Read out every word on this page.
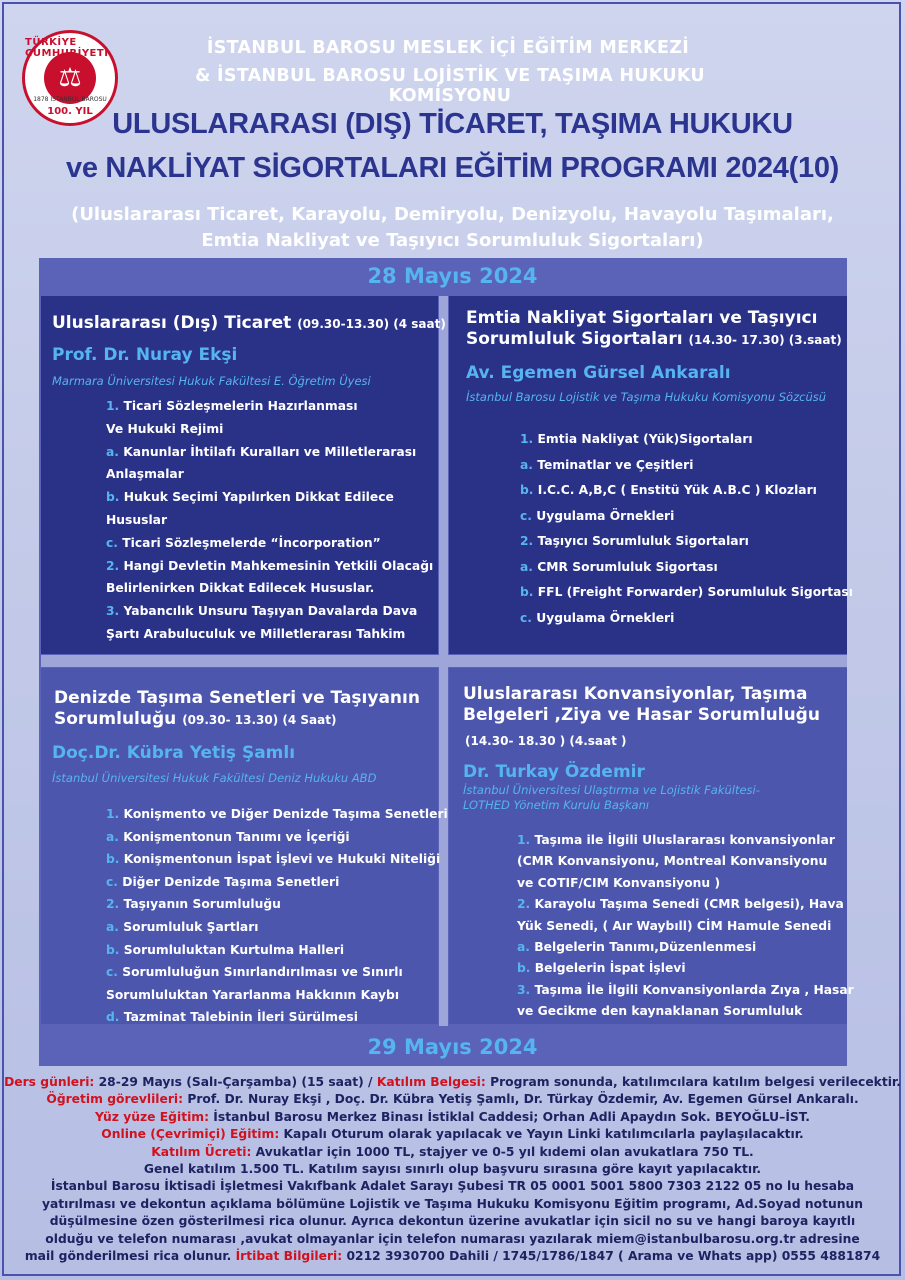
TÜRKİYE CUMHURİYETİ
⚖
1878 İSTANBUL BAROSU
100. YIL
İSTANBUL BAROSU MESLEK İÇİ EĞİTİM MERKEZİ
& İSTANBUL BAROSU LOJİSTİK VE TAŞIMA HUKUKU KOMİSYONU
ULUSLARARASI (DIŞ) TİCARET, TAŞIMA HUKUKU
ve NAKLİYAT SİGORTALARI EĞİTİM PROGRAMI 2024(10)
(Uluslararası Ticaret, Karayolu, Demiryolu, Denizyolu, Havayolu Taşımaları,
Emtia Nakliyat ve Taşıyıcı Sorumluluk Sigortaları)
28 Mayıs 2024
29 Mayıs 2024
Uluslararası (Dış) Ticaret (09.30-13.30) (4 saat)
Prof. Dr. Nuray Ekşi
Marmara Üniversitesi Hukuk Fakültesi E. Öğretim Üyesi
1. Ticari Sözleşmelerin Hazırlanması
Ve Hukuki Rejimi
a. Kanunlar İhtilafı Kuralları ve Milletlerarası
Anlaşmalar
b. Hukuk Seçimi Yapılırken Dikkat Edilece
Hususlar
c. Ticari Sözleşmelerde “İncorporation”
2. Hangi Devletin Mahkemesinin Yetkili Olacağı
Belirlenirken Dikkat Edilecek Hususlar.
3. Yabancılık Unsuru Taşıyan Davalarda Dava
Şartı Arabuluculuk ve Milletlerarası Tahkim
Emtia Nakliyat Sigortaları ve Taşıyıcı
Sorumluluk Sigortaları (14.30- 17.30) (3.saat)
Av. Egemen Gürsel Ankaralı
İstanbul Barosu Lojistik ve Taşıma Hukuku Komisyonu Sözcüsü
1. Emtia Nakliyat (Yük)Sigortaları
a. Teminatlar ve Çeşitleri
b. I.C.C. A,B,C ( Enstitü Yük A.B.C ) Klozları
c. Uygulama Örnekleri
2. Taşıyıcı Sorumluluk Sigortaları
a. CMR Sorumluluk Sigortası
b. FFL (Freight Forwarder) Sorumluluk Sigortası
c. Uygulama Örnekleri
Denizde Taşıma Senetleri ve Taşıyanın
Sorumluluğu (09.30- 13.30) (4 Saat)
Doç.Dr. Kübra Yetiş Şamlı
İstanbul Üniversitesi Hukuk Fakültesi Deniz Hukuku ABD
1. Konişmento ve Diğer Denizde Taşıma Senetleri
a. Konişmentonun Tanımı ve İçeriği
b. Konişmentonun İspat İşlevi ve Hukuki Niteliği
c. Diğer Denizde Taşıma Senetleri
2. Taşıyanın Sorumluluğu
a. Sorumluluk Şartları
b. Sorumluluktan Kurtulma Halleri
c. Sorumluluğun Sınırlandırılması ve Sınırlı
Sorumluluktan Yararlanma Hakkının Kaybı
d. Tazminat Talebinin İleri Sürülmesi
Uluslararası Konvansiyonlar, Taşıma
Belgeleri ,Ziya ve Hasar Sorumluluğu
(14.30- 18.30 ) (4.saat )
Dr. Turkay Özdemir
İstanbul Üniversitesi Ulaştırma ve Lojistik Fakültesi-
LOTHED Yönetim Kurulu Başkanı
1. Taşıma ile İlgili Uluslararası konvansiyonlar
(CMR Konvansiyonu, Montreal Konvansiyonu
ve COTIF/CIM Konvansiyonu )
2. Karayolu Taşıma Senedi (CMR belgesi), Hava
Yük Senedi, ( Aır Waybıll) CİM Hamule Senedi
a. Belgelerin Tanımı,Düzenlenmesi
b. Belgelerin İspat İşlevi
3. Taşıma İle İlgili Konvansiyonlarda Zıya , Hasar
ve Gecikme den kaynaklanan Sorumluluk
Ders günleri: 28-29 Mayıs (Salı-Çarşamba) (15 saat) / Katılım Belgesi: Program sonunda, katılımcılara katılım belgesi verilecektir.
Öğretim görevlileri: Prof. Dr. Nuray Ekşi , Doç. Dr. Kübra Yetiş Şamlı, Dr. Türkay Özdemir, Av. Egemen Gürsel Ankaralı.
Yüz yüze Eğitim: İstanbul Barosu Merkez Binası İstiklal Caddesi; Orhan Adli Apaydın Sok. BEYOĞLU–İST.
Online (Çevrimiçi) Eğitim: Kapalı Oturum olarak yapılacak ve Yayın Linki katılımcılarla paylaşılacaktır.
Katılım Ücreti: Avukatlar için 1000 TL, stajyer ve 0-5 yıl kıdemi olan avukatlara 750 TL.
Genel katılım 1.500 TL. Katılım sayısı sınırlı olup başvuru sırasına göre kayıt yapılacaktır.
İstanbul Barosu İktisadi İşletmesi Vakıfbank Adalet Sarayı Şubesi TR 05 0001 5001 5800 7303 2122 05 no lu hesaba
yatırılması ve dekontun açıklama bölümüne Lojistik ve Taşıma Hukuku Komisyonu Eğitim programı, Ad.Soyad notunun
düşülmesine özen gösterilmesi rica olunur. Ayrıca dekontun üzerine avukatlar için sicil no su ve hangi baroya kayıtlı
olduğu ve telefon numarası ,avukat olmayanlar için telefon numarası yazılarak miem@istanbulbarosu.org.tr adresine
mail gönderilmesi rica olunur. İrtibat Bilgileri: 0212 3930700 Dahili / 1745/1786/1847 ( Arama ve Whats app) 0555 4881874
